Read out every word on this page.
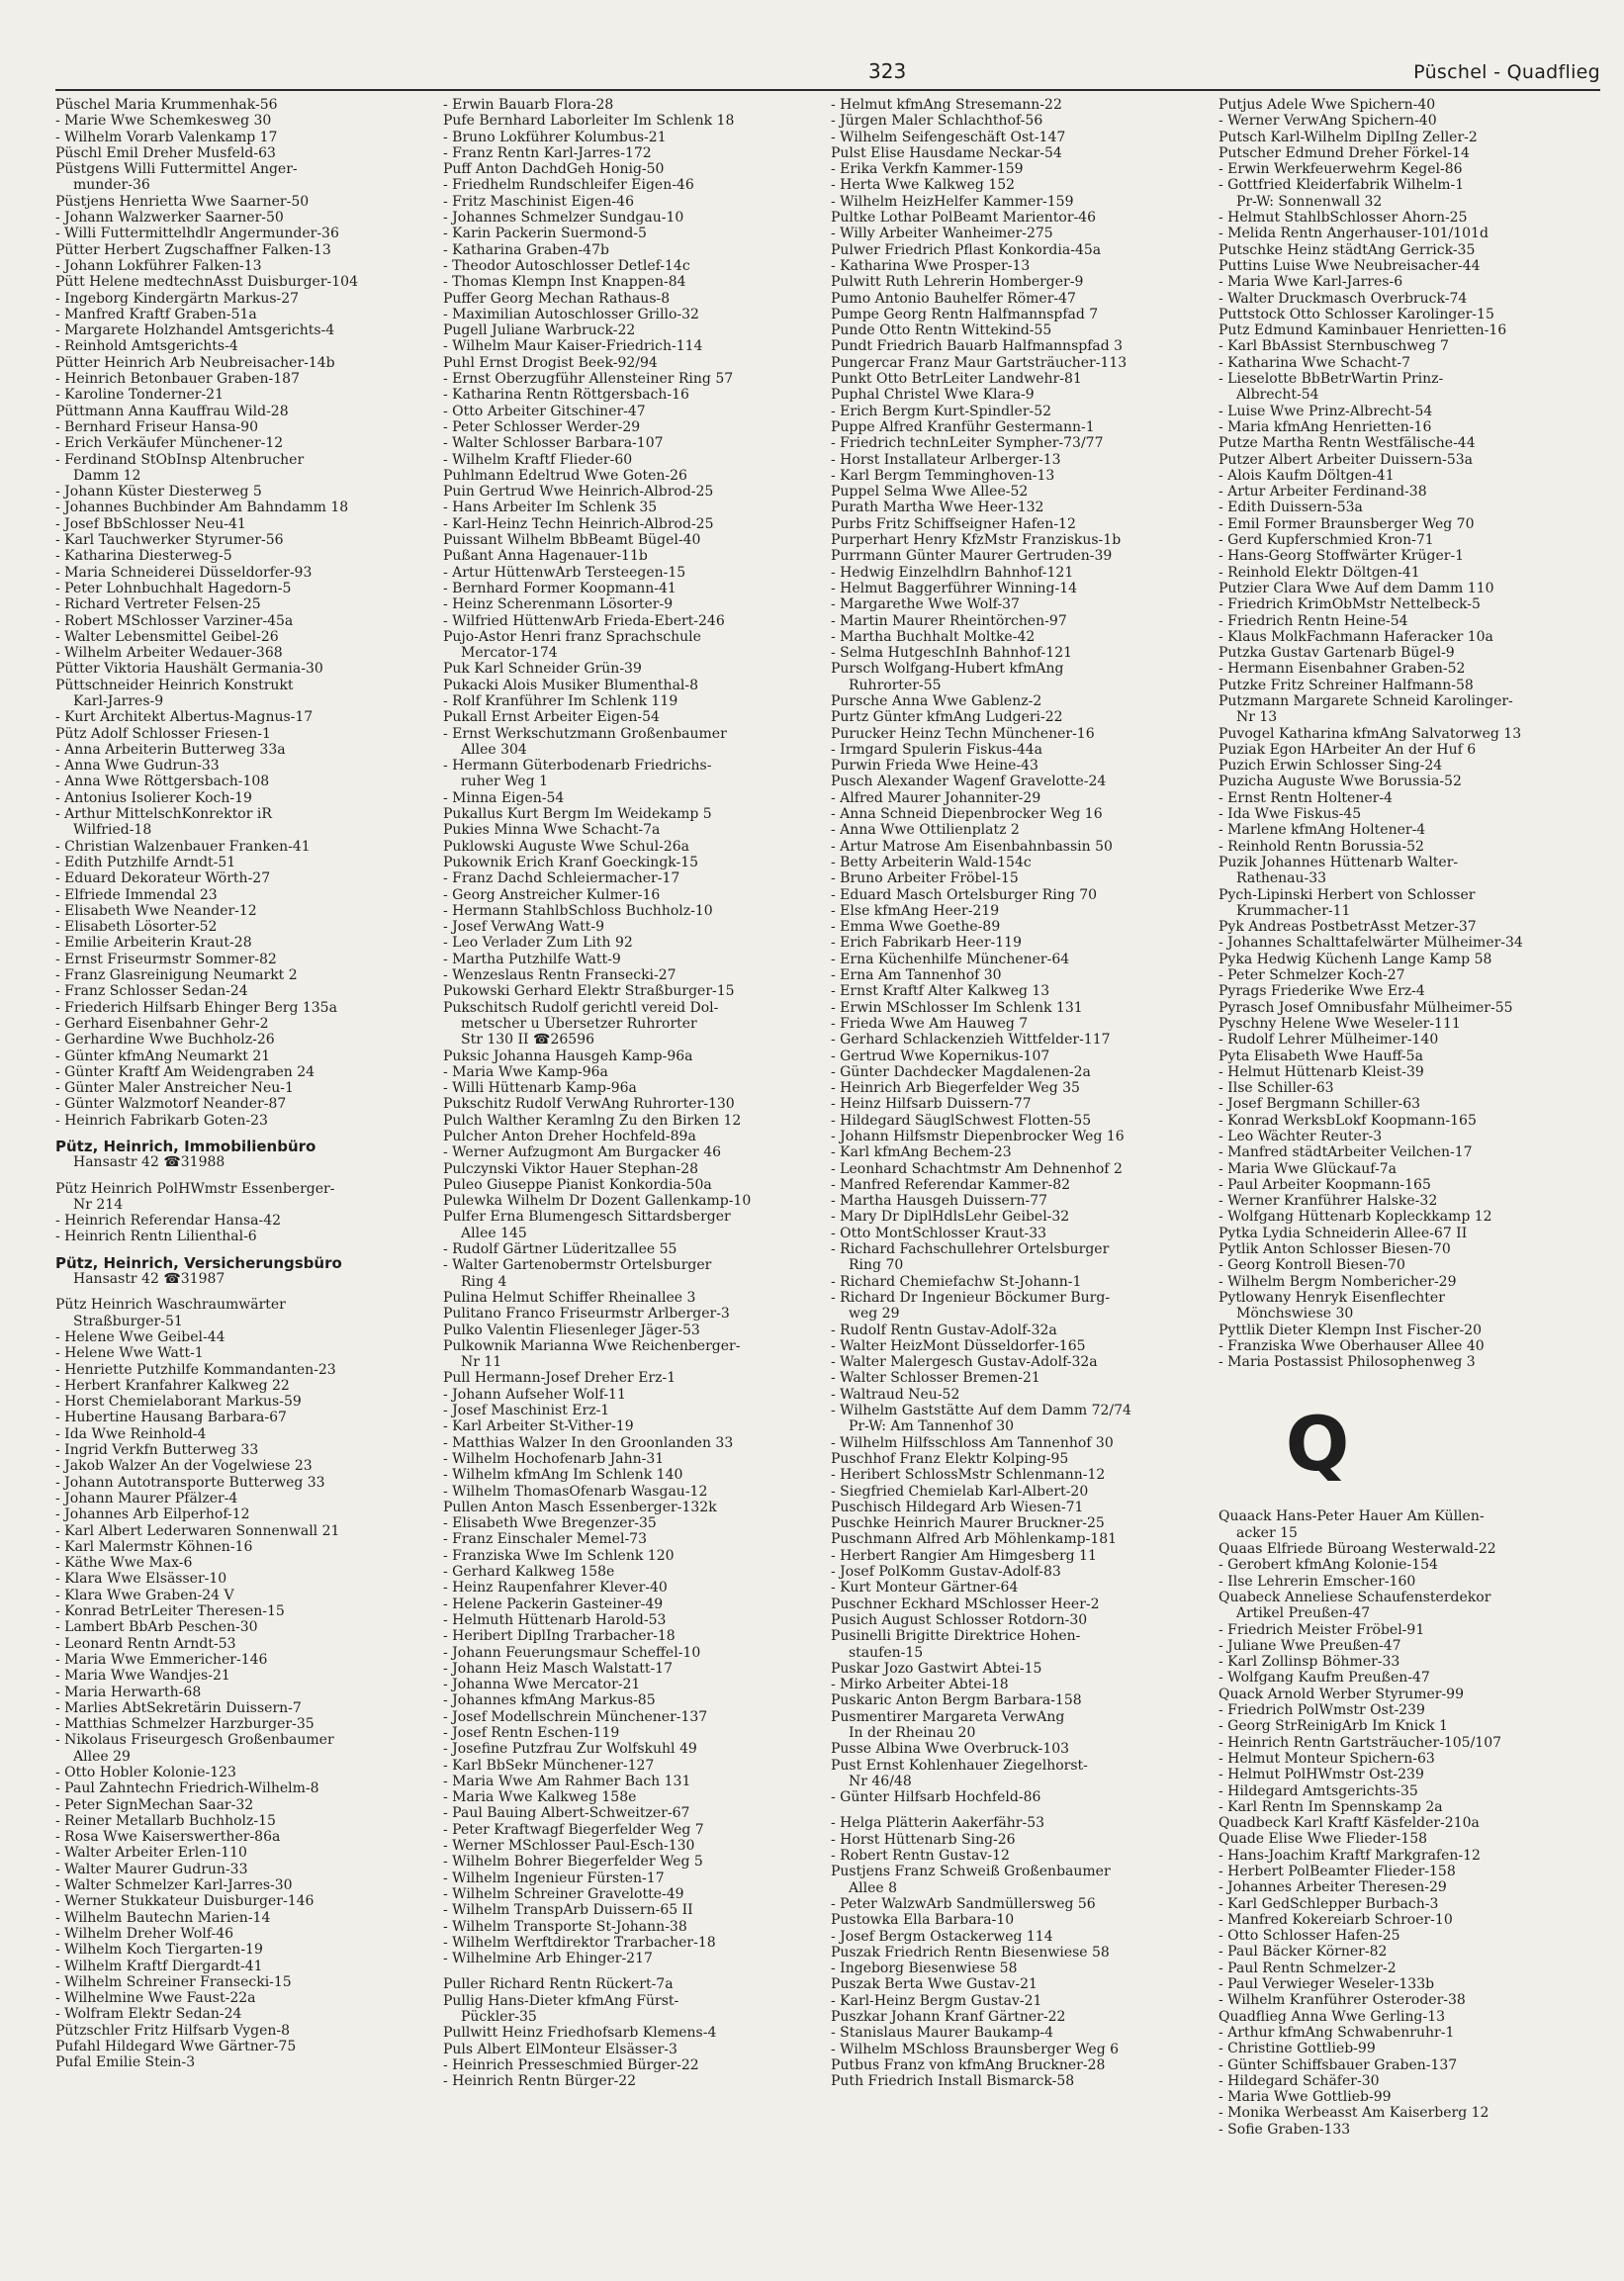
323	Püschel - Quadflieg
Püschel Maria Krummenhak-56
- Marie Wwe Schemkesweg 30
- Wilhelm Vorarb Valenkamp 17
Püschl Emil Dreher Musfeld-63
Püstgens Willi Futtermittel Anger-
munder-36
Püstjens Henrietta Wwe Saarner-50
- Johann Walzwerker Saarner-50
- Willi Futtermittelhdlr Angermunder-36
Pütter Herbert Zugschaffner Falken-13
- Johann Lokführer Falken-13
Pütt Helene medtechnAsst Duisburger-104
- Ingeborg Kindergärtn Markus-27
- Manfred Kraftf Graben-51a
- Margarete Holzhandel Amtsgerichts-4
- Reinhold Amtsgerichts-4
Pütter Heinrich Arb Neubreisacher-14b
- Heinrich Betonbauer Graben-187
- Karoline Tonderner-21
Püttmann Anna Kauffrau Wild-28
- Bernhard Friseur Hansa-90
- Erich Verkäufer Münchener-12
- Ferdinand StObInsp Altenbrucher
Damm 12
- Johann Küster Diesterweg 5
- Johannes Buchbinder Am Bahndamm 18
- Josef BbSchlosser Neu-41
- Karl Tauchwerker Styrumer-56
- Katharina Diesterweg-5
- Maria Schneiderei Düsseldorfer-93
- Peter Lohnbuchhalt Hagedorn-5
- Richard Vertreter Felsen-25
- Robert MSchlosser Varziner-45a
- Walter Lebensmittel Geibel-26
- Wilhelm Arbeiter Wedauer-368
Pütter Viktoria Haushält Germania-30
Püttschneider Heinrich Konstrukt
Karl-Jarres-9
- Kurt Architekt Albertus-Magnus-17
Pütz Adolf Schlosser Friesen-1
- Anna Arbeiterin Butterweg 33a
- Anna Wwe Gudrun-33
- Anna Wwe Röttgersbach-108
- Antonius Isolierer Koch-19
- Arthur MittelschKonrektor iR
Wilfried-18
- Christian Walzenbauer Franken-41
- Edith Putzhilfe Arndt-51
- Eduard Dekorateur Wörth-27
- Elfriede Immendal 23
- Elisabeth Wwe Neander-12
- Elisabeth Lösorter-52
- Emilie Arbeiterin Kraut-28
- Ernst Friseurmstr Sommer-82
- Franz Glasreinigung Neumarkt 2
- Franz Schlosser Sedan-24
- Friederich Hilfsarb Ehinger Berg 135a
- Gerhard Eisenbahner Gehr-2
- Gerhardine Wwe Buchholz-26
- Günter kfmAng Neumarkt 21
- Günter Kraftf Am Weidengraben 24
- Günter Maler Anstreicher Neu-1
- Günter Walzmotorf Neander-87
- Heinrich Fabrikarb Goten-23
Pütz, Heinrich, Immobilienbüro
Hansastr 42 ☎31988
Pütz Heinrich PolHWmstr Essenberger-
Nr 214
- Heinrich Referendar Hansa-42
- Heinrich Rentn Lilienthal-6
Pütz, Heinrich, Versicherungsbüro
Hansastr 42 ☎31987
Pütz Heinrich Waschraumwärter
Straßburger-51
- Helene Wwe Geibel-44
- Helene Wwe Watt-1
- Henriette Putzhilfe Kommandanten-23
- Herbert Kranfahrer Kalkweg 22
- Horst Chemielaborant Markus-59
- Hubertine Hausang Barbara-67
- Ida Wwe Reinhold-4
- Ingrid Verkfn Butterweg 33
- Jakob Walzer An der Vogelwiese 23
- Johann Autotransporte Butterweg 33
- Johann Maurer Pfälzer-4
- Johannes Arb Eilperhof-12
- Karl Albert Lederwaren Sonnenwall 21
- Karl Malermstr Köhnen-16
- Käthe Wwe Max-6
- Klara Wwe Elsässer-10
- Klara Wwe Graben-24 V
- Konrad BetrLeiter Theresen-15
- Lambert BbArb Peschen-30
- Leonard Rentn Arndt-53
- Maria Wwe Emmericher-146
- Maria Wwe Wandjes-21
- Maria Herwarth-68
- Marlies AbtSekretärin Duissern-7
- Matthias Schmelzer Harzburger-35
- Nikolaus Friseurgesch Großenbaumer
Allee 29
- Otto Hobler Kolonie-123
- Paul Zahntechn Friedrich-Wilhelm-8
- Peter SignMechan Saar-32
- Reiner Metallarb Buchholz-15
- Rosa Wwe Kaiserswerther-86a
- Walter Arbeiter Erlen-110
- Walter Maurer Gudrun-33
- Walter Schmelzer Karl-Jarres-30
- Werner Stukkateur Duisburger-146
- Wilhelm Bautechn Marien-14
- Wilhelm Dreher Wolf-46
- Wilhelm Koch Tiergarten-19
- Wilhelm Kraftf Diergardt-41
- Wilhelm Schreiner Fransecki-15
- Wilhelmine Wwe Faust-22a
- Wolfram Elektr Sedan-24
Pützschler Fritz Hilfsarb Vygen-8
Pufahl Hildegard Wwe Gärtner-75
Pufal Emilie Stein-3
- Erwin Bauarb Flora-28
Pufe Bernhard Laborleiter Im Schlenk 18
- Bruno Lokführer Kolumbus-21
- Franz Rentn Karl-Jarres-172
Puff Anton DachdGeh Honig-50
- Friedhelm Rundschleifer Eigen-46
- Fritz Maschinist Eigen-46
- Johannes Schmelzer Sundgau-10
- Karin Packerin Suermond-5
- Katharina Graben-47b
- Theodor Autoschlosser Detlef-14c
- Thomas Klempn Inst Knappen-84
Puffer Georg Mechan Rathaus-8
- Maximilian Autoschlosser Grillo-32
Pugell Juliane Warbruck-22
- Wilhelm Maur Kaiser-Friedrich-114
Puhl Ernst Drogist Beek-92/94
- Ernst Oberzugführ Allensteiner Ring 57
- Katharina Rentn Röttgersbach-16
- Otto Arbeiter Gitschiner-47
- Peter Schlosser Werder-29
- Walter Schlosser Barbara-107
- Wilhelm Kraftf Flieder-60
Puhlmann Edeltrud Wwe Goten-26
Puin Gertrud Wwe Heinrich-Albrod-25
- Hans Arbeiter Im Schlenk 35
- Karl-Heinz Techn Heinrich-Albrod-25
Puissant Wilhelm BbBeamt Bügel-40
Pußant Anna Hagenauer-11b
- Artur HüttenwArb Tersteegen-15
- Bernhard Former Koopmann-41
- Heinz Scherenmann Lösorter-9
- Wilfried HüttenwArb Frieda-Ebert-246
Pujo-Astor Henri franz Sprachschule
Mercator-174
Puk Karl Schneider Grün-39
Pukacki Alois Musiker Blumenthal-8
- Rolf Kranführer Im Schlenk 119
Pukall Ernst Arbeiter Eigen-54
- Ernst Werkschutzmann Großenbaumer
Allee 304
- Hermann Güterbodenarb Friedrichs-
ruher Weg 1
- Minna Eigen-54
Pukallus Kurt Bergm Im Weidekamp 5
Pukies Minna Wwe Schacht-7a
Puklowski Auguste Wwe Schul-26a
Pukownik Erich Kranf Goeckingk-15
- Franz Dachd Schleiermacher-17
- Georg Anstreicher Kulmer-16
- Hermann StahlbSchloss Buchholz-10
- Josef VerwAng Watt-9
- Leo Verlader Zum Lith 92
- Martha Putzhilfe Watt-9
- Wenzeslaus Rentn Fransecki-27
Pukowski Gerhard Elektr Straßburger-15
Pukschitsch Rudolf gerichtl vereid Dol-
metscher u Übersetzer Ruhrorter
Str 130 II ☎26596
Puksic Johanna Hausgeh Kamp-96a
- Maria Wwe Kamp-96a
- Willi Hüttenarb Kamp-96a
Pukschitz Rudolf VerwAng Ruhrorter-130
Pulch Walther Keramlng Zu den Birken 12
Pulcher Anton Dreher Hochfeld-89a
- Werner Aufzugmont Am Burgacker 46
Pulczynski Viktor Hauer Stephan-28
Puleo Giuseppe Pianist Konkordia-50a
Pulewka Wilhelm Dr Dozent Gallenkamp-10
Pulfer Erna Blumengesch Sittardsberger
Allee 145
- Rudolf Gärtner Lüderitzallee 55
- Walter Gartenobermstr Ortelsburger
Ring 4
Pulina Helmut Schiffer Rheinallee 3
Pulitano Franco Friseurmstr Arlberger-3
Pulko Valentin Fliesenleger Jäger-53
Pulkownik Marianna Wwe Reichenberger-
Nr 11
Pull Hermann-Josef Dreher Erz-1
- Johann Aufseher Wolf-11
- Josef Maschinist Erz-1
- Karl Arbeiter St-Vither-19
- Matthias Walzer In den Groonlanden 33
- Wilhelm Hochofenarb Jahn-31
- Wilhelm kfmAng Im Schlenk 140
- Wilhelm ThomasOfenarb Wasgau-12
Pullen Anton Masch Essenberger-132k
- Elisabeth Wwe Bregenzer-35
- Franz Einschaler Memel-73
- Franziska Wwe Im Schlenk 120
- Gerhard Kalkweg 158e
- Heinz Raupenfahrer Klever-40
- Helene Packerin Gasteiner-49
- Helmuth Hüttenarb Harold-53
- Heribert DiplIng Trarbacher-18
- Johann Feuerungsmaur Scheffel-10
- Johann Heiz Masch Walstatt-17
- Johanna Wwe Mercator-21
- Johannes kfmAng Markus-85
- Josef Modellschrein Münchener-137
- Josef Rentn Eschen-119
- Josefine Putzfrau Zur Wolfskuhl 49
- Karl BbSekr Münchener-127
- Maria Wwe Am Rahmer Bach 131
- Maria Wwe Kalkweg 158e
- Paul Bauing Albert-Schweitzer-67
- Peter Kraftwagf Biegerfelder Weg 7
- Werner MSchlosser Paul-Esch-130
- Wilhelm Bohrer Biegerfelder Weg 5
- Wilhelm Ingenieur Fürsten-17
- Wilhelm Schreiner Gravelotte-49
- Wilhelm TranspArb Duissern-65 II
- Wilhelm Transporte St-Johann-38
- Wilhelm Werftdirektor Trarbacher-18
- Wilhelmine Arb Ehinger-217
Puller Richard Rentn Rückert-7a
Pullig Hans-Dieter kfmAng Fürst-
Pückler-35
Pullwitt Heinz Friedhofsarb Klemens-4
Puls Albert ElMonteur Elsässer-3
- Heinrich Presseschmied Bürger-22
- Heinrich Rentn Bürger-22
- Helmut kfmAng Stresemann-22
- Jürgen Maler Schlachthof-56
- Wilhelm Seifengeschäft Ost-147
Pulst Elise Hausdame Neckar-54
- Erika Verkfn Kammer-159
- Herta Wwe Kalkweg 152
- Wilhelm HeizHelfer Kammer-159
Pultke Lothar PolBeamt Marientor-46
- Willy Arbeiter Wanheimer-275
Pulwer Friedrich Pflast Konkordia-45a
- Katharina Wwe Prosper-13
Pulwitt Ruth Lehrerin Homberger-9
Pumo Antonio Bauhelfer Römer-47
Pumpe Georg Rentn Halfmannspfad 7
Punde Otto Rentn Wittekind-55
Pundt Friedrich Bauarb Halfmannspfad 3
Pungercar Franz Maur Gartsträucher-113
Punkt Otto BetrLeiter Landwehr-81
Puphal Christel Wwe Klara-9
- Erich Bergm Kurt-Spindler-52
Puppe Alfred Kranführ Gestermann-1
- Friedrich technLeiter Sympher-73/77
- Horst Installateur Arlberger-13
- Karl Bergm Temminghoven-13
Puppel Selma Wwe Allee-52
Purath Martha Wwe Heer-132
Purbs Fritz Schiffseigner Hafen-12
Purperhart Henry KfzMstr Franziskus-1b
Purrmann Günter Maurer Gertruden-39
- Hedwig Einzelhdlrn Bahnhof-121
- Helmut Baggerführer Winning-14
- Margarethe Wwe Wolf-37
- Martin Maurer Rheintörchen-97
- Martha Buchhalt Moltke-42
- Selma HutgeschInh Bahnhof-121
Pursch Wolfgang-Hubert kfmAng
Ruhrorter-55
Pursche Anna Wwe Gablenz-2
Purtz Günter kfmAng Ludgeri-22
Purucker Heinz Techn Münchener-16
- Irmgard Spulerin Fiskus-44a
Purwin Frieda Wwe Heine-43
Pusch Alexander Wagenf Gravelotte-24
- Alfred Maurer Johanniter-29
- Anna Schneid Diepenbrocker Weg 16
- Anna Wwe Ottilienplatz 2
- Artur Matrose Am Eisenbahnbassin 50
- Betty Arbeiterin Wald-154c
- Bruno Arbeiter Fröbel-15
- Eduard Masch Ortelsburger Ring 70
- Else kfmAng Heer-219
- Emma Wwe Goethe-89
- Erich Fabrikarb Heer-119
- Erna Küchenhilfe Münchener-64
- Erna Am Tannenhof 30
- Ernst Kraftf Alter Kalkweg 13
- Erwin MSchlosser Im Schlenk 131
- Frieda Wwe Am Hauweg 7
- Gerhard Schlackenzieh Wittfelder-117
- Gertrud Wwe Kopernikus-107
- Günter Dachdecker Magdalenen-2a
- Heinrich Arb Biegerfelder Weg 35
- Heinz Hilfsarb Duissern-77
- Hildegard SäuglSchwest Flotten-55
- Johann Hilfsmstr Diepenbrocker Weg 16
- Karl kfmAng Bechem-23
- Leonhard Schachtmstr Am Dehnenhof 2
- Manfred Referendar Kammer-82
- Martha Hausgeh Duissern-77
- Mary Dr DiplHdlsLehr Geibel-32
- Otto MontSchlosser Kraut-33
- Richard Fachschullehrer Ortelsburger
Ring 70
- Richard Chemiefachw St-Johann-1
- Richard Dr Ingenieur Böckumer Burg-
weg 29
- Rudolf Rentn Gustav-Adolf-32a
- Walter HeizMont Düsseldorfer-165
- Walter Malergesch Gustav-Adolf-32a
- Walter Schlosser Bremen-21
- Waltraud Neu-52
- Wilhelm Gaststätte Auf dem Damm 72/74
Pr-W: Am Tannenhof 30
- Wilhelm Hilfsschloss Am Tannenhof 30
Puschhof Franz Elektr Kolping-95
- Heribert SchlossMstr Schlenmann-12
- Siegfried Chemielab Karl-Albert-20
Puschisch Hildegard Arb Wiesen-71
Puschke Heinrich Maurer Bruckner-25
Puschmann Alfred Arb Möhlenkamp-181
- Herbert Rangier Am Himgesberg 11
- Josef PolKomm Gustav-Adolf-83
- Kurt Monteur Gärtner-64
Puschner Eckhard MSchlosser Heer-2
Pusich August Schlosser Rotdorn-30
Pusinelli Brigitte Direktrice Hohen-
staufen-15
Puskar Jozo Gastwirt Abtei-15
- Mirko Arbeiter Abtei-18
Puskaric Anton Bergm Barbara-158
Pusmentirer Margareta VerwAng
In der Rheinau 20
Pusse Albina Wwe Overbruck-103
Pust Ernst Kohlenhauer Ziegelhorst-
Nr 46/48
- Günter Hilfsarb Hochfeld-86
- Helga Plätterin Aakerfähr-53
- Horst Hüttenarb Sing-26
- Robert Rentn Gustav-12
Pustjens Franz Schweiß Großenbaumer
Allee 8
- Peter WalzwArb Sandmüllersweg 56
Pustowka Ella Barbara-10
- Josef Bergm Ostackerweg 114
Puszak Friedrich Rentn Biesenwiese 58
- Ingeborg Biesenwiese 58
Puszak Berta Wwe Gustav-21
- Karl-Heinz Bergm Gustav-21
Puszkar Johann Kranf Gärtner-22
- Stanislaus Maurer Baukamp-4
- Wilhelm MSchloss Braunsberger Weg 6
Putbus Franz von kfmAng Bruckner-28
Puth Friedrich Install Bismarck-58
Putjus Adele Wwe Spichern-40
- Werner VerwAng Spichern-40
Putsch Karl-Wilhelm DiplIng Zeller-2
Putscher Edmund Dreher Förkel-14
- Erwin Werkfeuerwehrm Kegel-86
- Gottfried Kleiderfabrik Wilhelm-1
Pr-W: Sonnenwall 32
- Helmut StahlbSchlosser Ahorn-25
- Melida Rentn Angerhauser-101/101d
Putschke Heinz städtAng Gerrick-35
Puttins Luise Wwe Neubreisacher-44
- Maria Wwe Karl-Jarres-6
- Walter Druckmasch Overbruck-74
Puttstock Otto Schlosser Karolinger-15
Putz Edmund Kaminbauer Henrietten-16
- Karl BbAssist Sternbuschweg 7
- Katharina Wwe Schacht-7
- Lieselotte BbBetrWartin Prinz-
Albrecht-54
- Luise Wwe Prinz-Albrecht-54
- Maria kfmAng Henrietten-16
Putze Martha Rentn Westfälische-44
Putzer Albert Arbeiter Duissern-53a
- Alois Kaufm Döltgen-41
- Artur Arbeiter Ferdinand-38
- Edith Duissern-53a
- Emil Former Braunsberger Weg 70
- Gerd Kupferschmied Kron-71
- Hans-Georg Stoffwärter Krüger-1
- Reinhold Elektr Döltgen-41
Putzier Clara Wwe Auf dem Damm 110
- Friedrich KrimObMstr Nettelbeck-5
- Friedrich Rentn Heine-54
- Klaus MolkFachmann Haferacker 10a
Putzka Gustav Gartenarb Bügel-9
- Hermann Eisenbahner Graben-52
Putzke Fritz Schreiner Halfmann-58
Putzmann Margarete Schneid Karolinger-
Nr 13
Puvogel Katharina kfmAng Salvatorweg 13
Puziak Egon HArbeiter An der Huf 6
Puzich Erwin Schlosser Sing-24
Puzicha Auguste Wwe Borussia-52
- Ernst Rentn Holtener-4
- Ida Wwe Fiskus-45
- Marlene kfmAng Holtener-4
- Reinhold Rentn Borussia-52
Puzik Johannes Hüttenarb Walter-
Rathenau-33
Pych-Lipinski Herbert von Schlosser
Krummacher-11
Pyk Andreas PostbetrAsst Metzer-37
- Johannes Schalttafelwärter Mülheimer-34
Pyka Hedwig Küchenh Lange Kamp 58
- Peter Schmelzer Koch-27
Pyrags Friederike Wwe Erz-4
Pyrasch Josef Omnibusfahr Mülheimer-55
Pyschny Helene Wwe Weseler-111
- Rudolf Lehrer Mülheimer-140
Pyta Elisabeth Wwe Hauff-5a
- Helmut Hüttenarb Kleist-39
- Ilse Schiller-63
- Josef Bergmann Schiller-63
- Konrad WerksbLokf Koopmann-165
- Leo Wächter Reuter-3
- Manfred städtArbeiter Veilchen-17
- Maria Wwe Glückauf-7a
- Paul Arbeiter Koopmann-165
- Werner Kranführer Halske-32
- Wolfgang Hüttenarb Kopleckkamp 12
Pytka Lydia Schneiderin Allee-67 II
Pytlik Anton Schlosser Biesen-70
- Georg Kontroll Biesen-70
- Wilhelm Bergm Nombericher-29
Pytlowany Henryk Eisenflechter
Mönchswiese 30
Pyttlik Dieter Klempn Inst Fischer-20
- Franziska Wwe Oberhauser Allee 40
- Maria Postassist Philosophenweg 3
Q
Quaack Hans-Peter Hauer Am Küllen-
acker 15
Quaas Elfriede Büroang Westerwald-22
- Gerobert kfmAng Kolonie-154
- Ilse Lehrerin Emscher-160
Quabeck Anneliese Schaufensterdekor
Artikel Preußen-47
- Friedrich Meister Fröbel-91
- Juliane Wwe Preußen-47
- Karl Zollinsp Böhmer-33
- Wolfgang Kaufm Preußen-47
Quack Arnold Werber Styrumer-99
- Friedrich PolWmstr Ost-239
- Georg StrReinigArb Im Knick 1
- Heinrich Rentn Gartsträucher-105/107
- Helmut Monteur Spichern-63
- Helmut PolHWmstr Ost-239
- Hildegard Amtsgerichts-35
- Karl Rentn Im Spennskamp 2a
Quadbeck Karl Kraftf Käsfelder-210a
Quade Elise Wwe Flieder-158
- Hans-Joachim Kraftf Markgrafen-12
- Herbert PolBeamter Flieder-158
- Johannes Arbeiter Theresen-29
- Karl GedSchlepper Burbach-3
- Manfred Kokereiarb Schroer-10
- Otto Schlosser Hafen-25
- Paul Bäcker Körner-82
- Paul Rentn Schmelzer-2
- Paul Verwieger Weseler-133b
- Wilhelm Kranführer Osteroder-38
Quadflieg Anna Wwe Gerling-13
- Arthur kfmAng Schwabenruhr-1
- Christine Gottlieb-99
- Günter Schiffsbauer Graben-137
- Hildegard Schäfer-30
- Maria Wwe Gottlieb-99
- Monika Werbeasst Am Kaiserberg 12
- Sofie Graben-133
